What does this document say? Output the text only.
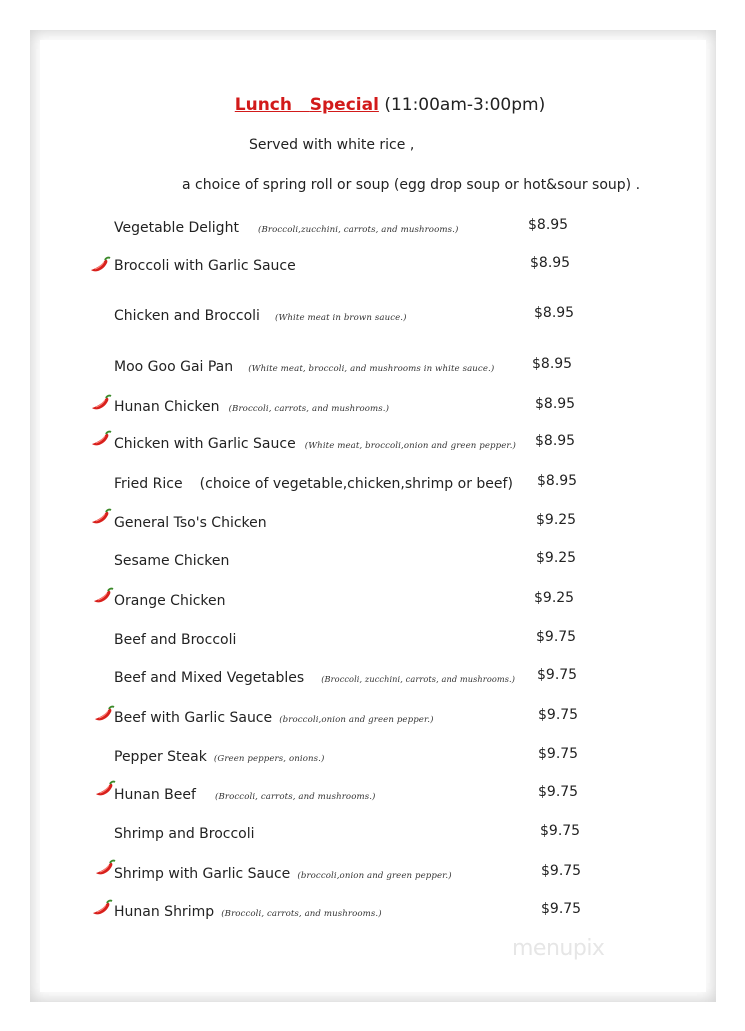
Lunch Special (11:00am-3:00pm)
Served with white rice ,
a choice of spring roll or soup (egg drop soup or hot&sour soup) .
Vegetable Delight (Broccoli,zucchini, carrots, and mushrooms.)	$8.95
Broccoli with Garlic Sauce	$8.95
Chicken and Broccoli (White meat in brown sauce.)	$8.95
Moo Goo Gai Pan (White meat, broccoli, and mushrooms in white sauce.)	$8.95
Hunan Chicken (Broccoli, carrots, and mushrooms.)	$8.95
Chicken with Garlic Sauce (White meat, broccoli,onion and green pepper.) $8.95
Fried Rice (choice of vegetable,chicken,shrimp or beef) $8.95
General Tso's Chicken	$9.25
Sesame Chicken	$9.25
Orange Chicken	$9.25
Beef and Broccoli	$9.75
Beef and Mixed Vegetables (Broccoli, zucchini, carrots, and mushrooms.) $9.75
Beef with Garlic Sauce (broccoli,onion and green pepper.)	$9.75
Pepper Steak (Green peppers, onions.)	$9.75
Hunan Beef (Broccoli, carrots, and mushrooms.)	$9.75
Shrimp and Broccoli	$9.75
Shrimp with Garlic Sauce (broccoli,onion and green pepper.)	$9.75
Hunan Shrimp (Broccoli, carrots, and mushrooms.)	$9.75
menupix
